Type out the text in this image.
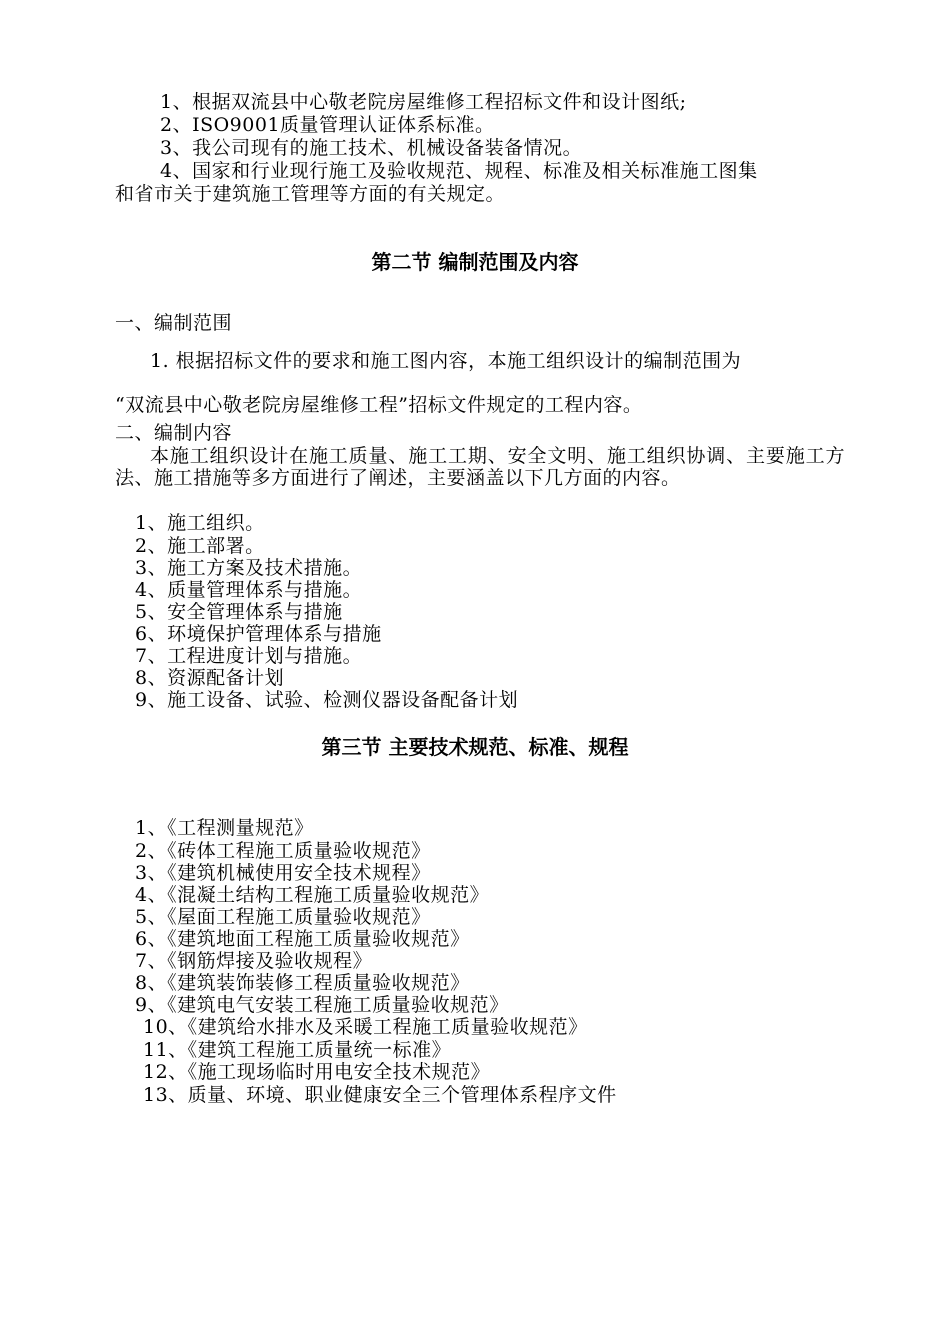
1、根据双流县中心敬老院房屋维修工程招标文件和设计图纸;
2、ISO9001质量管理认证体系标准。
3、我公司现有的施工技术、机械设备装备情况。
4、国家和行业现行施工及验收规范、规程、标准及相关标准施工图集
和省市关于建筑施工管理等方面的有关规定。
第二节 编制范围及内容
一、编制范围
1. 根据招标文件的要求和施工图内容，本施工组织设计的编制范围为
“双流县中心敬老院房屋维修工程”招标文件规定的工程内容。
二、编制内容
本施工组织设计在施工质量、施工工期、安全文明、施工组织协调、主要施工方法、施工措施等多方面进行了阐述，主要涵盖以下几方面的内容。
1、施工组织。
2、施工部署。
3、施工方案及技术措施。
4、质量管理体系与措施。
5、安全管理体系与措施
6、环境保护管理体系与措施
7、工程进度计划与措施。
8、资源配备计划
9、施工设备、试验、检测仪器设备配备计划
第三节 主要技术规范、标准、规程
1、《工程测量规范》
2、《砖体工程施工质量验收规范》
3、《建筑机械使用安全技术规程》
4、《混凝土结构工程施工质量验收规范》
5、《屋面工程施工质量验收规范》
6、《建筑地面工程施工质量验收规范》
7、《钢筋焊接及验收规程》
8、《建筑装饰装修工程质量验收规范》
9、《建筑电气安装工程施工质量验收规范》
10、《建筑给水排水及采暖工程施工质量验收规范》
11、《建筑工程施工质量统一标准》
12、《施工现场临时用电安全技术规范》
13、质量、环境、职业健康安全三个管理体系程序文件
